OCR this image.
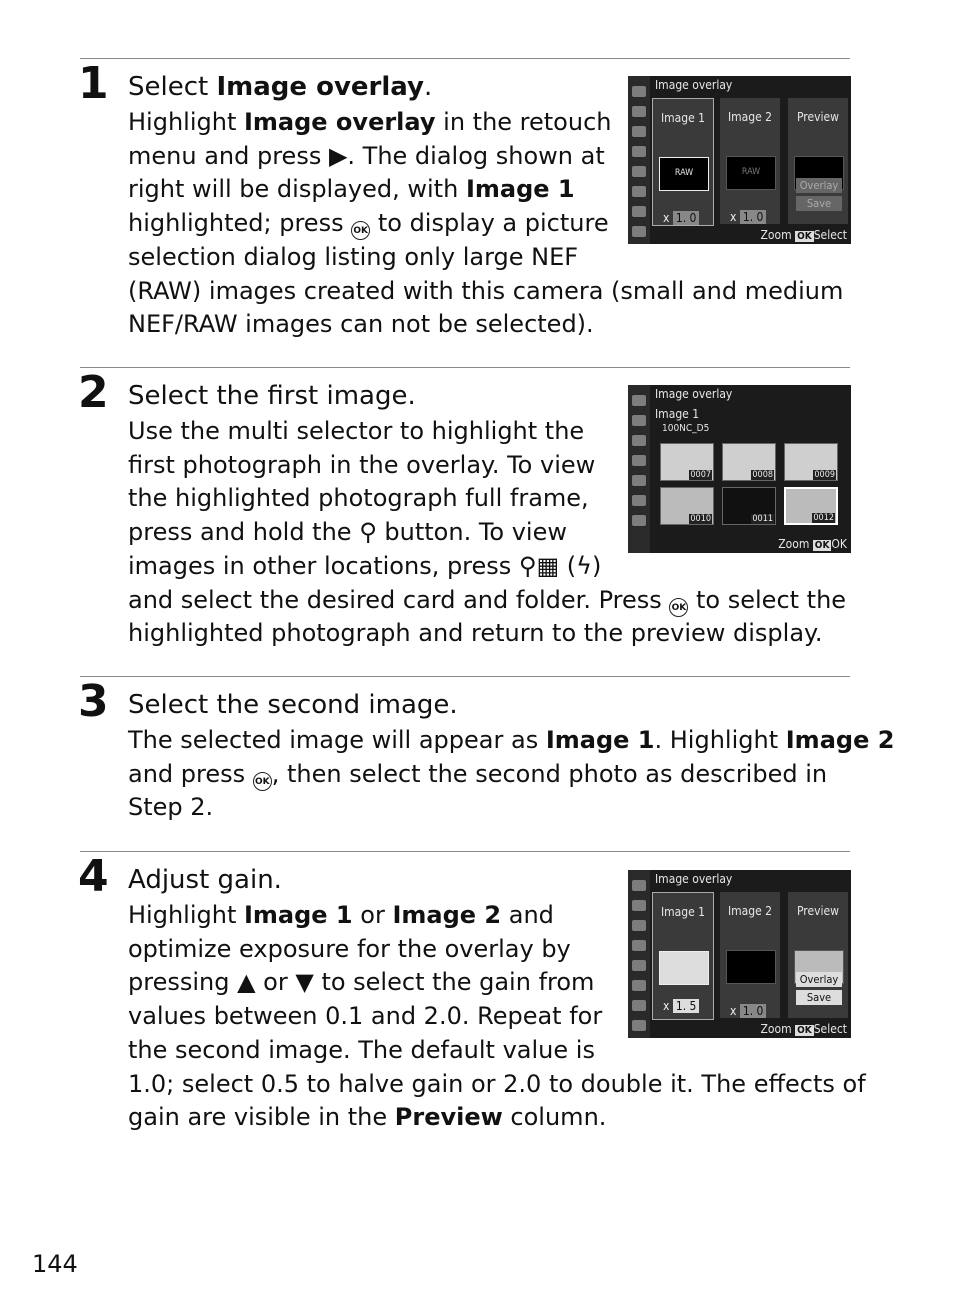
1 Select Image overlay.
Highlight Image overlay in the retouch
menu and press ▶. The dialog shown at
right will be displayed, with Image 1
highlighted; press OK to display a picture
selection dialog listing only large NEF
(RAW) images created with this camera (small and medium
NEF/RAW images can not be selected).
2 Select the first image.
Use the multi selector to highlight the
first photograph in the overlay. To view
the highlighted photograph full frame,
press and hold the ⚲ button. To view
images in other locations, press ⚲▦ (ϟ)
and select the desired card and folder. Press OK to select the
highlighted photograph and return to the preview display.
3 Select the second image.
The selected image will appear as Image 1. Highlight Image 2
and press OK, then select the second photo as described in
Step 2.
4 Adjust gain.
Highlight Image 1 or Image 2 and
optimize exposure for the overlay by
pressing ▲ or ▼ to select the gain from
values between 0.1 and 2.0. Repeat for
the second image. The default value is
1.0; select 0.5 to halve gain or 2.0 to double it. The effects of
gain are visible in the Preview column.
Image overlay
Image 1
RAW
x 1. 0
Image 2
RAW
x 1. 0
Preview
Overlay
Save
Zoom OK Select
Image overlay
Image 1
100NC_D5
0007	0008	0009
0010	0011	0012
Zoom OK OK
Image overlay
Image 1
x 1. 5
Image 2
x 1. 0
Preview
Overlay
Save
Zoom OK Select
144
